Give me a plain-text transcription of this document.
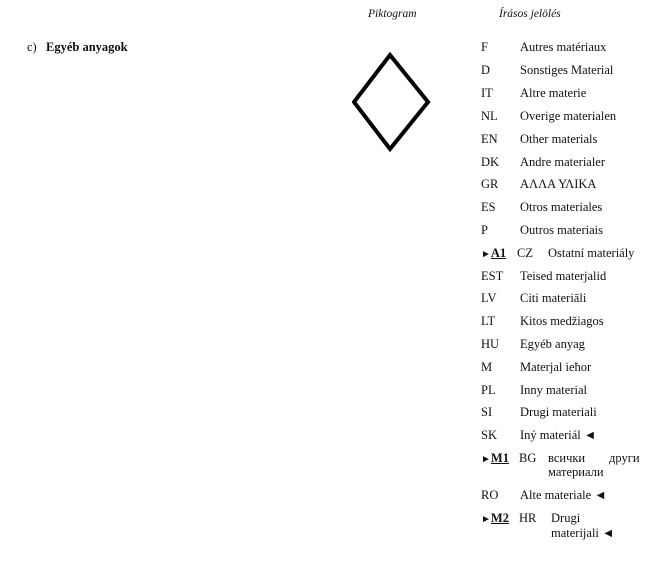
Piktogram	Írásos jelölés
c) Egyéb anyagok	F	Autres matériaux
D Sonstiges Material
IT Altre materie
NL Overige materialen
EN Other materials
DK Andre materialer
GR ΑΛΛΑ ΥΛΙΚΑ
ES Otros materiales
P	Outros materiais
►A1 CZ Ostatní materiály
EST Teised materjalid
LV Citi materiāli
LT Kitos medžiagos
HU Egyéb anyag
M Materjal ieħor
PL Inny material
SI Drugi materiali
SK Iný materiál ◄
►M1 BG всички други
материали
RO Alte materiale ◄
►M2 HR Drugi
materijali ◄
